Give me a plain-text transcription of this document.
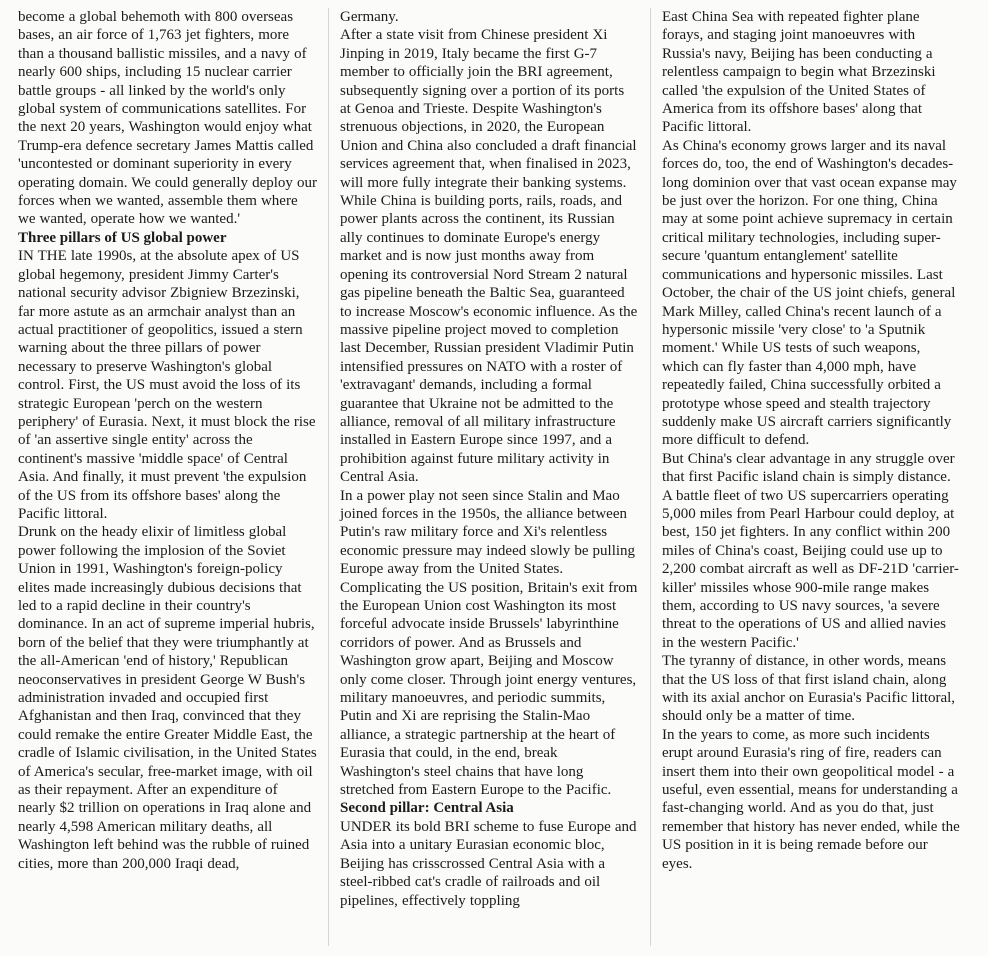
become a global behemoth with 800 overseas bases, an air force of 1,763 jet fighters, more than a thousand ballistic missiles, and a navy of nearly 600 ships, including 15 nuclear carrier battle groups - all linked by the world's only global system of communications satellites. For the next 20 years, Washington would enjoy what Trump-era defence secretary James Mattis called 'uncontested or dominant superiority in every operating domain. We could generally deploy our forces when we wanted, assemble them where we wanted, operate how we wanted.'

Three pillars of US global power

IN THE late 1990s, at the absolute apex of US global hegemony, president Jimmy Carter's national security advisor Zbigniew Brzezinski, far more astute as an armchair analyst than an actual practitioner of geopolitics, issued a stern warning about the three pillars of power necessary to preserve Washington's global control. First, the US must avoid the loss of its strategic European 'perch on the western periphery' of Eurasia. Next, it must block the rise of 'an assertive single entity' across the continent's massive 'middle space' of Central Asia. And finally, it must prevent 'the expulsion of the US from its offshore bases' along the Pacific littoral.

Drunk on the heady elixir of limitless global power following the implosion of the Soviet Union in 1991, Washington's foreign-policy elites made increasingly dubious decisions that led to a rapid decline in their country's dominance. In an act of supreme imperial hubris, born of the belief that they were triumphantly at the all-American 'end of history,' Republican neoconservatives in president George W Bush's administration invaded and occupied first Afghanistan and then Iraq, convinced that they could remake the entire Greater Middle East, the cradle of Islamic civilisation, in the United States of America's secular, free-market image, with oil as their repayment. After an expenditure of nearly $2 trillion on operations in Iraq alone and nearly 4,598 American military deaths, all Washington left behind was the rubble of ruined cities, more than 200,000 Iraqi dead,

Germany.

After a state visit from Chinese president Xi Jinping in 2019, Italy became the first G-7 member to officially join the BRI agreement, subsequently signing over a portion of its ports at Genoa and Trieste. Despite Washington's strenuous objections, in 2020, the European Union and China also concluded a draft financial services agreement that, when finalised in 2023, will more fully integrate their banking systems.

While China is building ports, rails, roads, and power plants across the continent, its Russian ally continues to dominate Europe's energy market and is now just months away from opening its controversial Nord Stream 2 natural gas pipeline beneath the Baltic Sea, guaranteed to increase Moscow's economic influence. As the massive pipeline project moved to completion last December, Russian president Vladimir Putin intensified pressures on NATO with a roster of 'extravagant' demands, including a formal guarantee that Ukraine not be admitted to the alliance, removal of all military infrastructure installed in Eastern Europe since 1997, and a prohibition against future military activity in Central Asia.

In a power play not seen since Stalin and Mao joined forces in the 1950s, the alliance between Putin's raw military force and Xi's relentless economic pressure may indeed slowly be pulling Europe away from the United States. Complicating the US position, Britain's exit from the European Union cost Washington its most forceful advocate inside Brussels' labyrinthine corridors of power. And as Brussels and Washington grow apart, Beijing and Moscow only come closer. Through joint energy ventures, military manoeuvres, and periodic summits, Putin and Xi are reprising the Stalin-Mao alliance, a strategic partnership at the heart of Eurasia that could, in the end, break Washington's steel chains that have long stretched from Eastern Europe to the Pacific.

Second pillar: Central Asia

UNDER its bold BRI scheme to fuse Europe and Asia into a unitary Eurasian economic bloc, Beijing has crisscrossed Central Asia with a steel-ribbed cat's cradle of railroads and oil pipelines, effectively toppling

East China Sea with repeated fighter plane forays, and staging joint manoeuvres with Russia's navy, Beijing has been conducting a relentless campaign to begin what Brzezinski called 'the expulsion of the United States of America from its offshore bases' along that Pacific littoral.

As China's economy grows larger and its naval forces do, too, the end of Washington's decades-long dominion over that vast ocean expanse may be just over the horizon. For one thing, China may at some point achieve supremacy in certain critical military technologies, including super-secure 'quantum entanglement' satellite communications and hypersonic missiles. Last October, the chair of the US joint chiefs, general Mark Milley, called China's recent launch of a hypersonic missile 'very close' to 'a Sputnik moment.' While US tests of such weapons, which can fly faster than 4,000 mph, have repeatedly failed, China successfully orbited a prototype whose speed and stealth trajectory suddenly make US aircraft carriers significantly more difficult to defend.

But China's clear advantage in any struggle over that first Pacific island chain is simply distance. A battle fleet of two US supercarriers operating 5,000 miles from Pearl Harbour could deploy, at best, 150 jet fighters. In any conflict within 200 miles of China's coast, Beijing could use up to 2,200 combat aircraft as well as DF-21D 'carrier-killer' missiles whose 900-mile range makes them, according to US navy sources, 'a severe threat to the operations of US and allied navies in the western Pacific.'

The tyranny of distance, in other words, means that the US loss of that first island chain, along with its axial anchor on Eurasia's Pacific littoral, should only be a matter of time.

In the years to come, as more such incidents erupt around Eurasia's ring of fire, readers can insert them into their own geopolitical model - a useful, even essential, means for understanding a fast-changing world. And as you do that, just remember that history has never ended, while the US position in it is being remade before our eyes.
